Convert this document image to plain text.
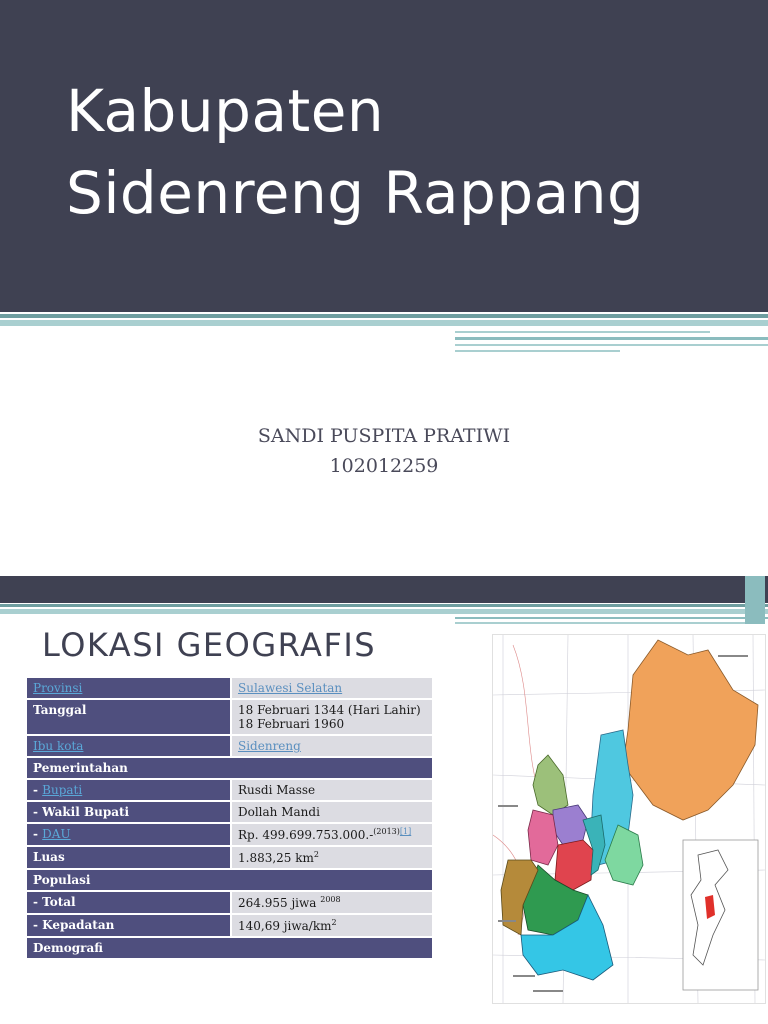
Kabupaten
Sidenreng Rappang
SANDI PUSPITA PRATIWI
102012259
LOKASI GEOGRAFIS
Provinsi	Sulawesi Selatan
Tanggal	18 Februari 1344 (Hari Lahir)
18 Februari 1960
Ibu kota	Sidenreng
Pemerintahan	
- Bupati	Rusdi Masse
- Wakil Bupati	Dollah Mandi
- DAU	Rp. 499.699.753.000.-$^{(2013)[1]}$
Luas	1.883,25 $km^2$
Populasi	
- Total	264.955 jiwa $^{2008}$
- Kepadatan	140,69 jiwa/$km^2$
Demografi	
